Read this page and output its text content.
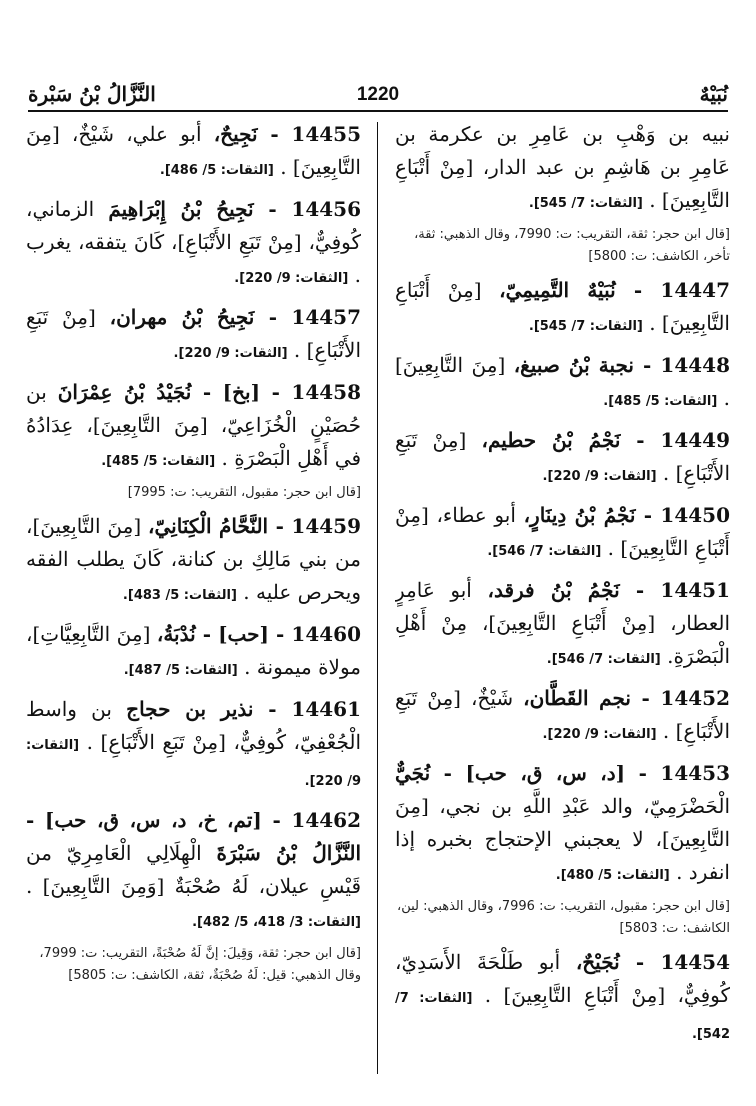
نُبَيْهٌ
1220
النَّزَّالُ بْنُ سَبْرة

نبيه بن وَهْبِ بن عَامِرِ بن عكرمة بن عَامِرِ بن هَاشِمِ بن عبد الدار، [مِنْ أَتْبَاعِ التَّابِعِينَ] . [الثقات: 7/ 545].

[قال ابن حجر: ثقة، التقريب: ت: 7990، وقال الذهبي: ثقة، تأخر، الكاشف: ت: 5800]

14447 - نُبَيْهٌ التَّمِيمِيّ، [مِنْ أَتْبَاعِ التَّابِعِينَ] . [الثقات: 7/ 545].

14448 - نجبة بْنُ صبيغ، [مِنَ التَّابِعِينَ] . [الثقات: 5/ 485].

14449 - نَجْمُ بْنُ حطيم، [مِنْ تَبَعِ الأَتْبَاعِ] . [الثقات: 9/ 220].

14450 - نَجْمُ بْنُ دِينَارٍ، أبو عطاء، [مِنْ أَتْبَاعِ التَّابِعِينَ] . [الثقات: 7/ 546].

14451 - نَجْمُ بْنُ فرقد، أبو عَامِرٍ العطار، [مِنْ أَتْبَاعِ التَّابِعِينَ]، مِنْ أَهْلِ الْبَصْرَةِ. [الثقات: 7/ 546].

14452 - نجم القَطَّان، شَيْخٌ، [مِنْ تَبَعِ الأَتْبَاعِ] . [الثقات: 9/ 220].

14453 - [د، س، ق، حب] - نُجَيٌّ الْحَضْرَمِيّ، والد عَبْدِ اللَّهِ بن نجي، [مِنَ التَّابِعِينَ]، لا يعجبني الإحتجاج بخبره إذا انفرد . [الثقات: 5/ 480].

[قال ابن حجر: مقبول، التقريب: ت: 7996، وقال الذهبي: لين، الكاشف: ت: 5803]

14454 - نُجَيْحٌ، أبو طَلْحَةَ الأَسَدِيّ، كُوفِيٌّ، [مِنْ أَتْبَاعِ التَّابِعِينَ] . [الثقات: 7/ 542].

14455 - نَجِيحٌ، أبو علي، شَيْخٌ، [مِنَ التَّابِعِينَ] . [الثقات: 5/ 486].

14456 - نَجِيحُ بْنُ إِبْرَاهِيمَ الزماني، كُوفِيٌّ، [مِنْ تَبَعِ الأَتْبَاعِ]، كَانَ يتفقه، يغرب . [الثقات: 9/ 220].

14457 - نَجِيحُ بْنُ مهران، [مِنْ تَبَعِ الأَتْبَاعِ] . [الثقات: 9/ 220].

14458 - [بخ] - نُجَيْدُ بْنُ عِمْرَانَ بن حُصَيْنٍ الْخُزَاعِيّ، [مِنَ التَّابِعِينَ]، عِدَادُهُ في أَهْلِ الْبَصْرَةِ . [الثقات: 5/ 485].

[قال ابن حجر: مقبول، التقريب: ت: 7995]

14459 - النَّحَّامُ الْكِنَانِيّ، [مِنَ التَّابِعِينَ]، من بني مَالِكِ بن كنانة، كَانَ يطلب الفقه ويحرص عليه . [الثقات: 5/ 483].

14460 - [حب] - نُدْبَةُ، [مِنَ التَّابِعِيَّاتِ]، مولاة ميمونة . [الثقات: 5/ 487].

14461 - نذير بن حجاج بن واسط الْجُعْفِيّ، كُوفِيٌّ، [مِنْ تَبَعِ الأَتْبَاعِ] . [الثقات: 9/ 220].

14462 - [تم، خ، د، س، ق، حب] - النَّزَّالُ بْنُ سَبْرَةَ الْهِلَالِي الْعَامِرِيّ من قَيْسِ عيلان، لَهُ صُحْبَةٌ [وَمِنَ التَّابِعِينَ] . [الثقات: 3/ 418، 5/ 482].

[قال ابن حجر: ثقة، وَقِيلَ: إنَّ لَهُ صُحْبَةً، التقريب: ت: 7999، وقال الذهبي: قيل: لَهُ صُحْبَةٌ، ثقة، الكاشف: ت: 5805]
